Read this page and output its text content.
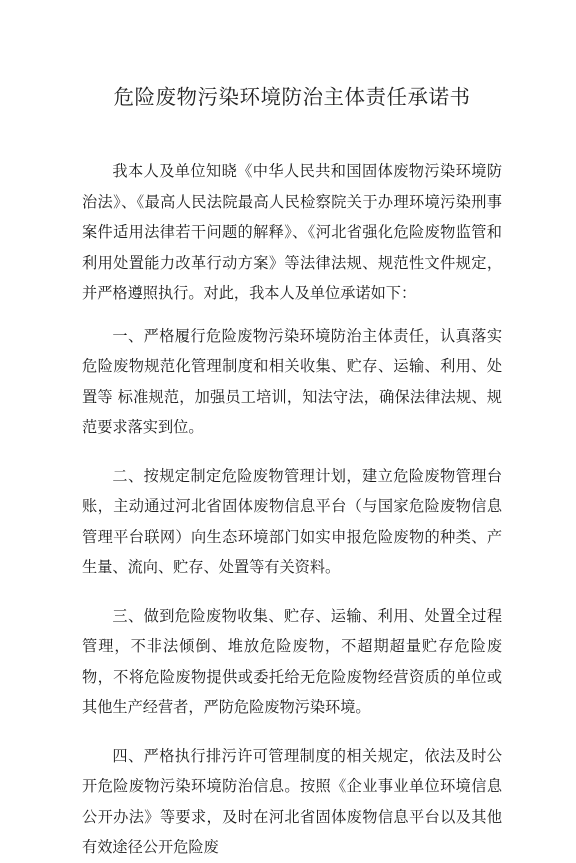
危险废物污染环境防治主体责任承诺书

我本人及单位知晓《中华人民共和国固体废物污染环境防治法》、《最高人民法院最高人民检察院关于办理环境污染刑事案件适用法律若干问题的解释》、《河北省强化危险废物监管和利用处置能力改革行动方案》等法律法规、规范性文件规定，并严格遵照执行。对此，我本人及单位承诺如下：

一、严格履行危险废物污染环境防治主体责任，认真落实危险废物规范化管理制度和相关收集、贮存、运输、利用、处置等 标准规范，加强员工培训，知法守法，确保法律法规、规范要求落实到位。

二、按规定制定危险废物管理计划，建立危险废物管理台账，主动通过河北省固体废物信息平台（与国家危险废物信息管理平台联网）向生态环境部门如实申报危险废物的种类、产生量、流向、贮存、处置等有关资料。

三、做到危险废物收集、贮存、运输、利用、处置全过程管理，不非法倾倒、堆放危险废物，不超期超量贮存危险废物，不将危险废物提供或委托给无危险废物经营资质的单位或其他生产经营者，严防危险废物污染环境。

四、严格执行排污许可管理制度的相关规定，依法及时公开危险废物污染环境防治信息。按照《企业事业单位环境信息公开办法》等要求，及时在河北省固体废物信息平台以及其他有效途径公开危险废
